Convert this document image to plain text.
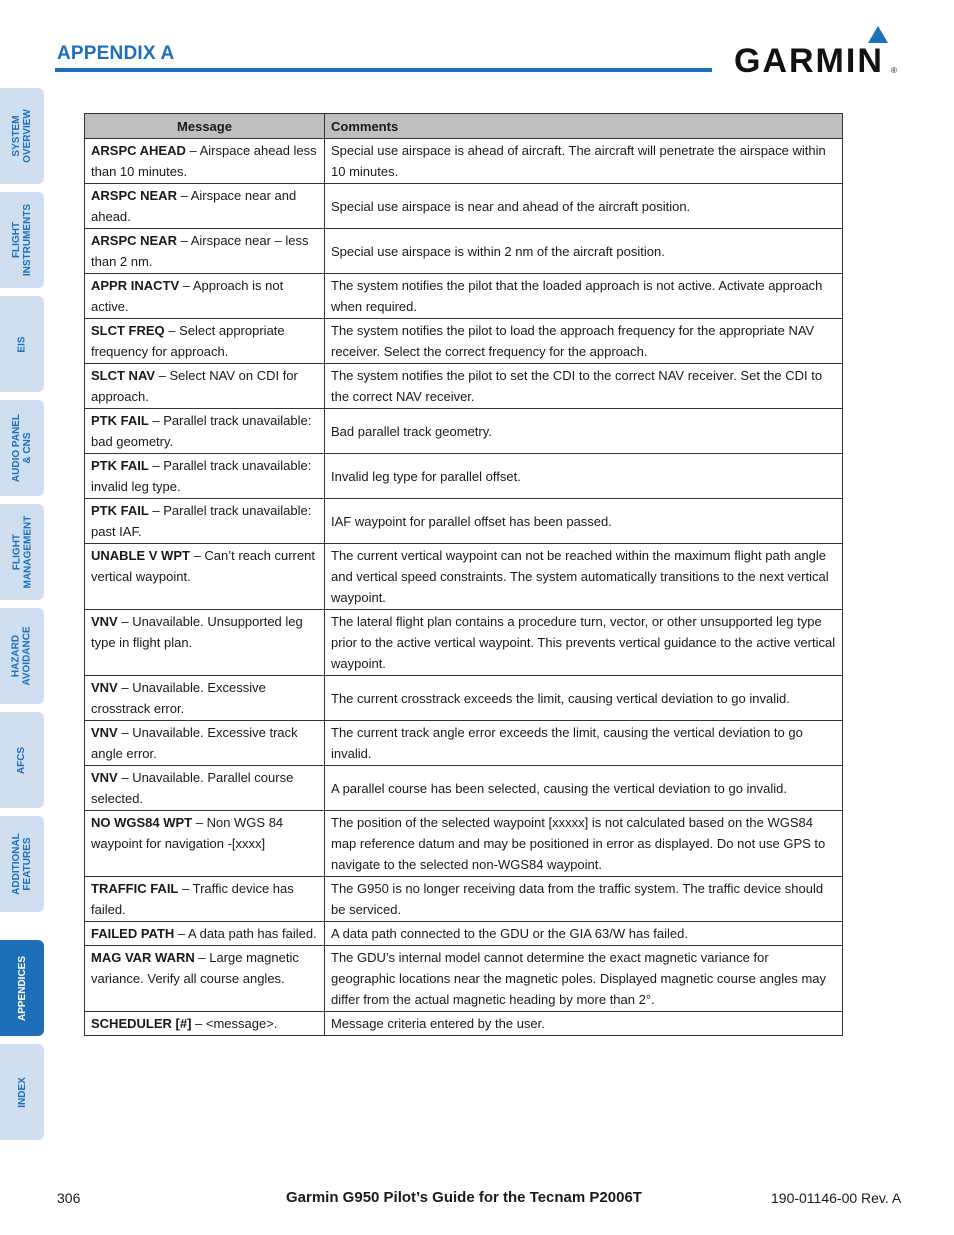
APPENDIX A	GARMIN ®
SYSTEM
OVERVIEW
FLIGHT
INSTRUMENTS
EIS
AUDIO PANEL
& CNS
FLIGHT
MANAGEMENT
HAZARD
AVOIDANCE
AFCS
ADDITIONAL
FEATURES
APPENDICES
INDEX
Message	Comments
ARSPC AHEAD – Airspace ahead less than 10 minutes.	Special use airspace is ahead of aircraft. The aircraft will penetrate the airspace within 10 minutes.
ARSPC NEAR – Airspace near and ahead.	Special use airspace is near and ahead of the aircraft position.
ARSPC NEAR – Airspace near – less than 2 nm.	Special use airspace is within 2 nm of the aircraft position.
APPR INACTV – Approach is not active.	The system notifies the pilot that the loaded approach is not active. Activate approach when required.
SLCT FREQ – Select appropriate frequency for approach.	The system notifies the pilot to load the approach frequency for the appropriate NAV receiver. Select the correct frequency for the approach.
SLCT NAV – Select NAV on CDI for approach.	The system notifies the pilot to set the CDI to the correct NAV receiver. Set the CDI to the correct NAV receiver.
PTK FAIL – Parallel track unavailable: bad geometry.	Bad parallel track geometry.
PTK FAIL – Parallel track unavailable: invalid leg type.	Invalid leg type for parallel offset.
PTK FAIL – Parallel track unavailable: past IAF.	IAF waypoint for parallel offset has been passed.
UNABLE V WPT – Can’t reach current vertical waypoint.	The current vertical waypoint can not be reached within the maximum flight path angle and vertical speed constraints. The system automatically transitions to the next vertical waypoint.
VNV – Unavailable. Unsupported leg type in flight plan.	The lateral flight plan contains a procedure turn, vector, or other unsupported leg type prior to the active vertical waypoint. This prevents vertical guidance to the active vertical waypoint.
VNV – Unavailable. Excessive crosstrack error.	The current crosstrack exceeds the limit, causing vertical deviation to go invalid.
VNV – Unavailable. Excessive track angle error.	The current track angle error exceeds the limit, causing the vertical deviation to go invalid.
VNV – Unavailable. Parallel course selected.	A parallel course has been selected, causing the vertical deviation to go invalid.
NO WGS84 WPT – Non WGS 84 waypoint for navigation -[xxxx]	The position of the selected waypoint [xxxxx] is not calculated based on the WGS84 map reference datum and may be positioned in error as displayed. Do not use GPS to navigate to the selected non-WGS84 waypoint.
TRAFFIC FAIL – Traffic device has failed.	The G950 is no longer receiving data from the traffic system. The traffic device should be serviced.
FAILED PATH – A data path has failed.	A data path connected to the GDU or the GIA 63/W has failed.
MAG VAR WARN – Large magnetic variance. Verify all course angles.	The GDU’s internal model cannot determine the exact magnetic variance for geographic locations near the magnetic poles. Displayed magnetic course angles may differ from the actual magnetic heading by more than 2°.
SCHEDULER [#] – <message>.	Message criteria entered by the user.
306	Garmin G950 Pilot’s Guide for the Tecnam P2006T	190-01146-00 Rev. A
